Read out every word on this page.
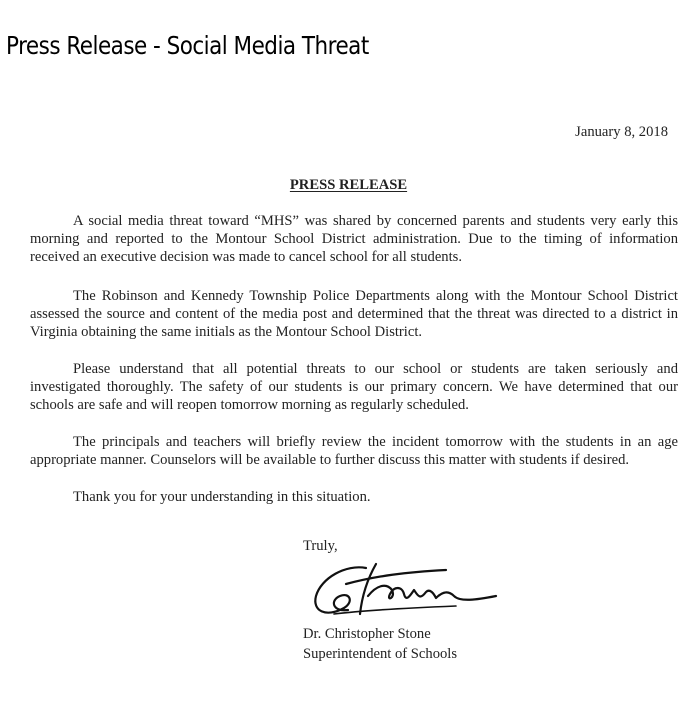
Press Release - Social Media Threat
January 8, 2018
PRESS RELEASE

A social media threat toward “MHS” was shared by concerned parents and students very early this morning and reported to the Montour School District administration. Due to the timing of information received an executive decision was made to cancel school for all students.

The Robinson and Kennedy Township Police Departments along with the Montour School District assessed the source and content of the media post and determined that the threat was directed to a district in Virginia obtaining the same initials as the Montour School District.

Please understand that all potential threats to our school or students are taken seriously and investigated thoroughly. The safety of our students is our primary concern. We have determined that our schools are safe and will reopen tomorrow morning as regularly scheduled.

The principals and teachers will briefly review the incident tomorrow with the students in an age appropriate manner. Counselors will be available to further discuss this matter with students if desired.

Thank you for your understanding in this situation.

Truly,
Dr. Christopher Stone
Superintendent of Schools
